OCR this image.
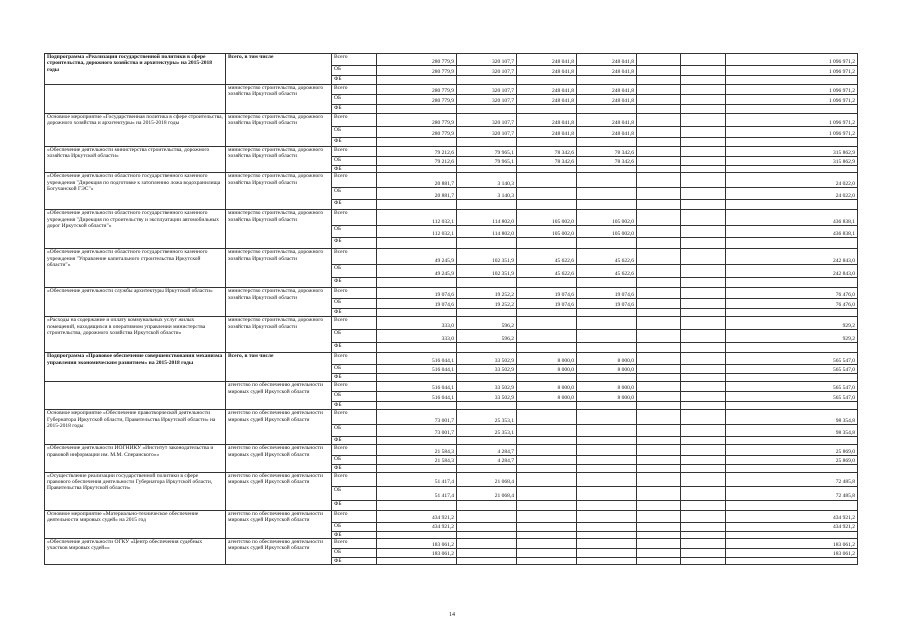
Подпрограмма «Реализация государственной политики в сфере строительства, дорожного хозяйства и архитектуры» на 2015-2018 годы	Всего, в том числе	Всего	280 779,9	320 107,7	248 041,8	248 041,8			1 096 971,2
		ОБ	280 779,9	320 107,7	248 041,8	248 041,8			1 096 971,2
		ФБ							
	министерство строительства, дорожного хозяйства Иркутской области	Всего	280 779,9	320 107,7	248 041,8	248 041,8			1 096 971,2
		ОБ	280 779,9	320 107,7	248 041,8	248 041,8			1 096 971,2
		ФБ							
Основное мероприятие «Государственная политика в сфере строительства, дорожного хозяйства и архитектуры» на 2015-2018 годы	министерство строительства, дорожного хозяйства Иркутской области	Всего	280 779,9	320 107,7	248 041,8	248 041,8			1 096 971,2
		ОБ	280 779,9	320 107,7	248 041,8	248 041,8			1 096 971,2
		ФБ							
«Обеспечение деятельности министерства строительства, дорожного хозяйства Иркутской области»	министерство строительства, дорожного хозяйства Иркутской области	Всего	79 212,6	79 965,1	78 342,6	78 342,6			315 862,9
		ОБ	79 212,6	79 965,1	78 342,6	78 342,6			315 862,9
		ФБ							
«Обеспечение деятельности областного государственного казенного учреждения "Дирекция по подготовке к затоплению ложа водохранилища Богучанской ГЭС"»	министерство строительства, дорожного хозяйства Иркутской области	Всего	20 881,7	3 140,3					24 022,0
		ОБ	20 881,7	3 140,3					24 022,0
		ФБ							
«Обеспечение деятельности областного государственного казенного учреждения "Дирекция по строительству и эксплуатации автомобильных дорог Иркутской области"»	министерство строительства, дорожного хозяйства Иркутской области	Всего	112 032,1	114 802,0	105 002,0	105 002,0			436 838,1
		ОБ	112 032,1	114 802,0	105 002,0	105 002,0			436 838,1
		ФБ							
«Обеспечение деятельности областного государственного казенного учреждения "Управление капитального строительства Иркутской области"»	министерство строительства, дорожного хозяйства Иркутской области	Всего	49 245,9	102 351,9	45 622,6	45 622,6			242 843,0
		ОБ	49 245,9	102 351,9	45 622,6	45 622,6			242 843,0
		ФБ							
«Обеспечение деятельности службы архитектуры Иркутской области»	министерство строительства, дорожного хозяйства Иркутской области	Всего	19 074,6	19 252,2	19 074,6	19 074,6			76 476,0
		ОБ	19 074,6	19 252,2	19 074,6	19 074,6			76 476,0
		ФБ							
«Расходы на содержание и оплату коммунальных услуг жилых помещений, находящихся в оперативном управлении министерства строительства, дорожного хозяйства Иркутской области»	министерство строительства, дорожного хозяйства Иркутской области	Всего	333,0	596,2					929,2
		ОБ	333,0	596,2					929,2
		ФБ							
Подпрограмма «Правовое обеспечение совершенствования механизма управления экономическим развитием» на 2015-2018 годы	Всего, в том числе	Всего	516 044,1	33 502,9	8 000,0	8 000,0			565 547,0
		ОБ	516 044,1	33 502,9	8 000,0	8 000,0			565 547,0
		ФБ							
	агентство по обеспечению деятельности мировых судей Иркутской области	Всего	516 044,1	33 502,9	8 000,0	8 000,0			565 547,0
		ОБ	516 044,1	33 502,9	8 000,0	8 000,0			565 547,0
		ФБ							
Основное мероприятие «Обеспечение правотворческой деятельности Губернатора Иркутской области, Правительства Иркутской области» на 2015-2018 годы	агентство по обеспечению деятельности мировых судей Иркутской области	Всего	73 001,7	25 353,1					98 354,8
		ОБ	73 001,7	25 353,1					98 354,8
		ФБ							
«Обеспечение деятельности ИОГНИКУ «Институт законодательства и правовой информации им. М.М. Сперанского»»	агентство по обеспечению деятельности мировых судей Иркутской области	Всего	21 584,3	4 284,7					25 869,0
		ОБ	21 584,3	4 284,7					25 869,0
		ФБ							
«Осуществление реализации государственной политики в сфере правового обеспечения деятельности Губернатора Иркутской области, Правительства Иркутской области»	агентство по обеспечению деятельности мировых судей Иркутской области	Всего	51 417,4	21 068,4					72 485,8
		ОБ	51 417,4	21 068,4					72 485,8
		ФБ							
Основное мероприятие «Материально-техническое обеспечение деятельности мировых судей» на 2015 год	агентство по обеспечению деятельности мировых судей Иркутской области	Всего	434 921,2						434 921,2
		ОБ	434 921,2						434 921,2
		ФБ							
«Обеспечение деятельности ОГКУ «Центр обеспечения судебных участков мировых судей»»	агентство по обеспечению деятельности мировых судей Иркутской области	Всего	183 061,2						183 061,2
		ОБ	183 061,2						183 061,2
		ФБ							
14
